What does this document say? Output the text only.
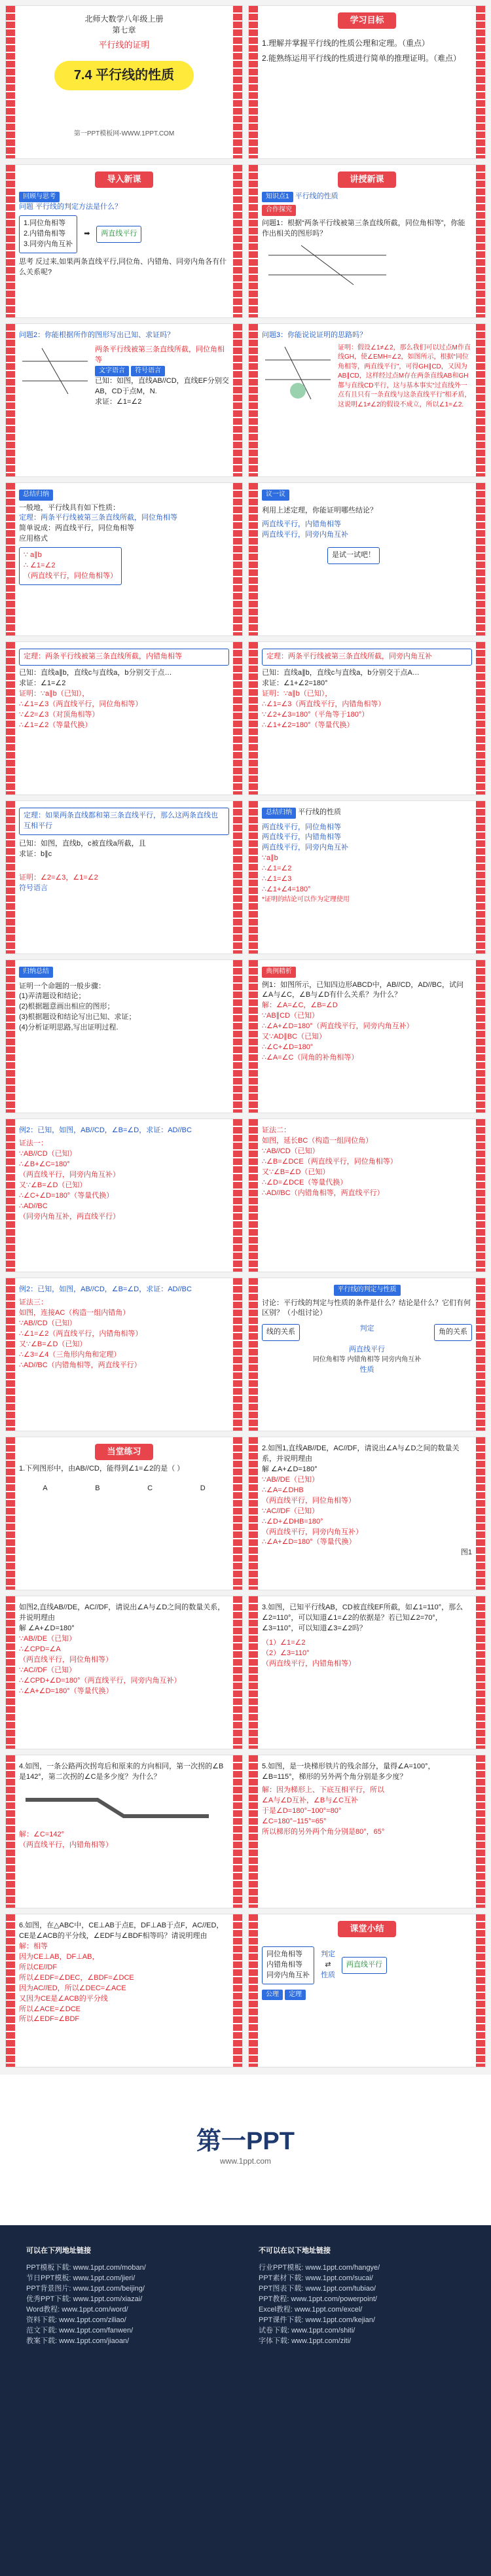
北师大数学八年级上册
第七章
平行线的证明
7.4 平行线的性质
第一PPT模板网-WWW.1PPT.COM
学习目标
1.理解并掌握平行线的性质公理和定理。（重点）
2.能熟练运用平行线的性质进行简单的推理证明。（难点）
导入新课
回顾与思考
问题 平行线的判定方法是什么？
1.同位角相等
2.内错角相等
3.同旁内角互补
➡	两直线平行
思考 反过来,如果两条直线平行,同位角、内错角、同旁内角各有什么关系呢?
讲授新课
知识点1 平行线的性质
合作探究
问题1：根据“两条平行线被第三条直线所截，同位角相等”，你能作出相关的图形吗？
问题2：你能根据所作的图形写出已知、求证吗？
两条平行线被第三条直线所截，同位角相等
文字语言 符号语言
已知：如图，直线AB//CD，直线EF分别交AB，CD于点M，N.
求证：∠1=∠2
问题3：你能说说证明的思路吗？
证明：假设∠1≠∠2，那么我们可以过点M作直线GH，使∠EMH=∠2，如图所示，根据“同位角相等，两直线平行”，可得GH∥CD，又因为AB∥CD，这样经过点M存在两条直线AB和GH都与直线CD平行，这与基本事实“过直线外一点有且只有一条直线与这条直线平行”相矛盾，这说明∠1≠∠2的假设不成立，所以∠1=∠2.
总结归纳
一般地，平行线具有如下性质：
定理：两条平行线被第三条直线所截，同位角相等
简单说成：两直线平行，同位角相等
应用格式
∵ a∥b
∴ ∠1=∠2
（两直线平行，同位角相等）
议一议
利用上述定理，你能证明哪些结论？
两直线平行，内错角相等
两直线平行，同旁内角互补
是试一试吧！
定理：两条平行线被第三条直线所截，内错角相等
已知：直线a∥b，直线c与直线a，b分别交于点…
求证：∠1=∠2
证明：∵a∥b（已知），
∴∠1=∠3（两直线平行，同位角相等）
∵∠2=∠3（对顶角相等）
∴∠1=∠2（等量代换）
定理：两条平行线被第三条直线所截，同旁内角互补
已知：直线a∥b，直线c与直线a，b分别交于点A…
求证：∠1+∠2=180°
证明：∵a∥b（已知），
∴∠1=∠3（两直线平行，内错角相等）
∵∠2+∠3=180°（平角等于180°）
∴∠1+∠2=180°（等量代换）
定理：如果两条直线都和第三条直线平行，那么这两条直线也互相平行
已知：如图，直线b，c被直线a所截，且
求证：b∥c
证明：∠2=∠3，∠1=∠2
符号语言
总结归纳 平行线的性质
两直线平行，同位角相等
两直线平行，内错角相等
两直线平行，同旁内角互补
∵a∥b
∴∠1=∠2
∴∠1=∠3
∴∠1+∠4=180°
*证明的结论可以作为定理使用
归纳总结
证明一个命题的一般步骤：
(1)弄清题设和结论；
(2)根据题意画出相应的图形；
(3)根据题设和结论写出已知、求证；
(4)分析证明思路,写出证明过程.
典例精析
例1：如图所示，已知四边形ABCD中，AB//CD，AD//BC，试问∠A与∠C，∠B与∠D有什么关系？为什么？
解：∠A=∠C，∠B=∠D
∵AB∥CD（已知）
∴∠A+∠D=180°（两直线平行，同旁内角互补）
又∵AD∥BC（已知）
∴∠C+∠D=180°
∴∠A=∠C（同角的补角相等）
例2：已知，如图，AB//CD，∠B=∠D，求证：AD//BC
证法一：
∵AB//CD（已知）
∴∠B+∠C=180°
（两直线平行，同旁内角互补）
又∵∠B=∠D（已知）
∴∠C+∠D=180°（等量代换）
∴AD//BC
（同旁内角互补，两直线平行）
证法二：
如图，延长BC（构造一组同位角）
∵AB//CD（已知）
∴∠B=∠DCE（两直线平行，同位角相等）
又∵∠B=∠D（已知）
∴∠D=∠DCE（等量代换）
∴AD//BC（内错角相等，两直线平行）
例2：已知，如图，AB//CD，∠B=∠D，求证：AD//BC
证法三：
如图，连接AC（构造一组内错角）
∵AB//CD（已知）
∴∠1=∠2（两直线平行，内错角相等）
又∵∠B=∠D（已知）
∴∠3=∠4（三角形内角和定理）
∴AD//BC（内错角相等，两直线平行）
平行线的判定与性质
讨论：平行线的判定与性质的条件是什么？结论是什么？它们有何区别？（小组讨论）
线的关系	判定	角的关系
两直线平行
同位角相等 内错角相等 同旁内角互补
性质
当堂练习
1.下列图形中，由AB//CD，能得到∠1=∠2的是（ ）
A	B	C	D
2.如图1,直线AB//DE，AC//DF，请说出∠A与∠D之间的数量关系，并说明理由
解 ∠A+∠D=180°
∵AB//DE（已知）
∴∠A=∠DHB
（两直线平行，同位角相等）
∵AC//DF（已知）
∴∠D+∠DHB=180°
（两直线平行，同旁内角互补）
∴∠A+∠D=180°（等量代换）
图1
如图2,直线AB//DE，AC//DF，请说出∠A与∠D之间的数量关系，并说明理由
解 ∠A+∠D=180°
∵AB//DE（已知）
∴∠CPD=∠A
（两直线平行，同位角相等）
∵AC//DF（已知）
∴∠CPD+∠D=180°（两直线平行，同旁内角互补）
∴∠A+∠D=180°（等量代换）
3.如图，已知平行线AB，CD被直线EF所截，如∠1=110°，那么∠2=110°，可以知道∠1=∠2的依据是？若已知∠2=70°，∠3=110°，可以知道∠3=∠2吗？
（1）∠1=∠2
（2）∠3=110°
（两直线平行，内错角相等）
4.如图，一条公路两次拐弯后和原来的方向相同，第一次拐的∠B是142°，第二次拐的∠C是多少度？为什么？
解：∠C=142°
（两直线平行，内错角相等）
5.如图，是一块梯形铁片的残余部分，量得∠A=100°，∠B=115°，梯形的另外两个角分别是多少度？
解：因为梯形上、下底互相平行，所以
∠A与∠D互补，∠B与∠C互补
于是∠D=180°−100°=80°
∠C=180°−115°=65°
所以梯形的另外两个角分别是80°，65°
6.如图，在△ABC中，CE⊥AB于点E，DF⊥AB于点F，AC//ED，CE是∠ACB的平分线，∠EDF与∠BDF相等吗？请说明理由
解：相等
因为CE⊥AB，DF⊥AB，
所以CE//DF
所以∠EDF=∠DEC，∠BDF=∠DCE
因为AC//ED，所以∠DEC=∠ACE
又因为CE是∠ACB的平分线
所以∠ACE=∠DCE
所以∠EDF=∠BDF
课堂小结
同位角相等
内错角相等
同旁内角互补
判定
⇄
性质
两直线平行
公理 定理
第一PPT
www.1ppt.com
可以在下列地址链接
PPT模板下载: www.1ppt.com/moban/
节日PPT模板: www.1ppt.com/jieri/
PPT背景图片: www.1ppt.com/beijing/
优秀PPT下载: www.1ppt.com/xiazai/
Word教程: www.1ppt.com/word/
资料下载: www.1ppt.com/ziliao/
范文下载: www.1ppt.com/fanwen/
教案下载: www.1ppt.com/jiaoan/
不可以在以下地址链接
行业PPT模板: www.1ppt.com/hangye/
PPT素材下载: www.1ppt.com/sucai/
PPT图表下载: www.1ppt.com/tubiao/
PPT教程: www.1ppt.com/powerpoint/
Excel教程: www.1ppt.com/excel/
PPT课件下载: www.1ppt.com/kejian/
试卷下载: www.1ppt.com/shiti/
字体下载: www.1ppt.com/ziti/
